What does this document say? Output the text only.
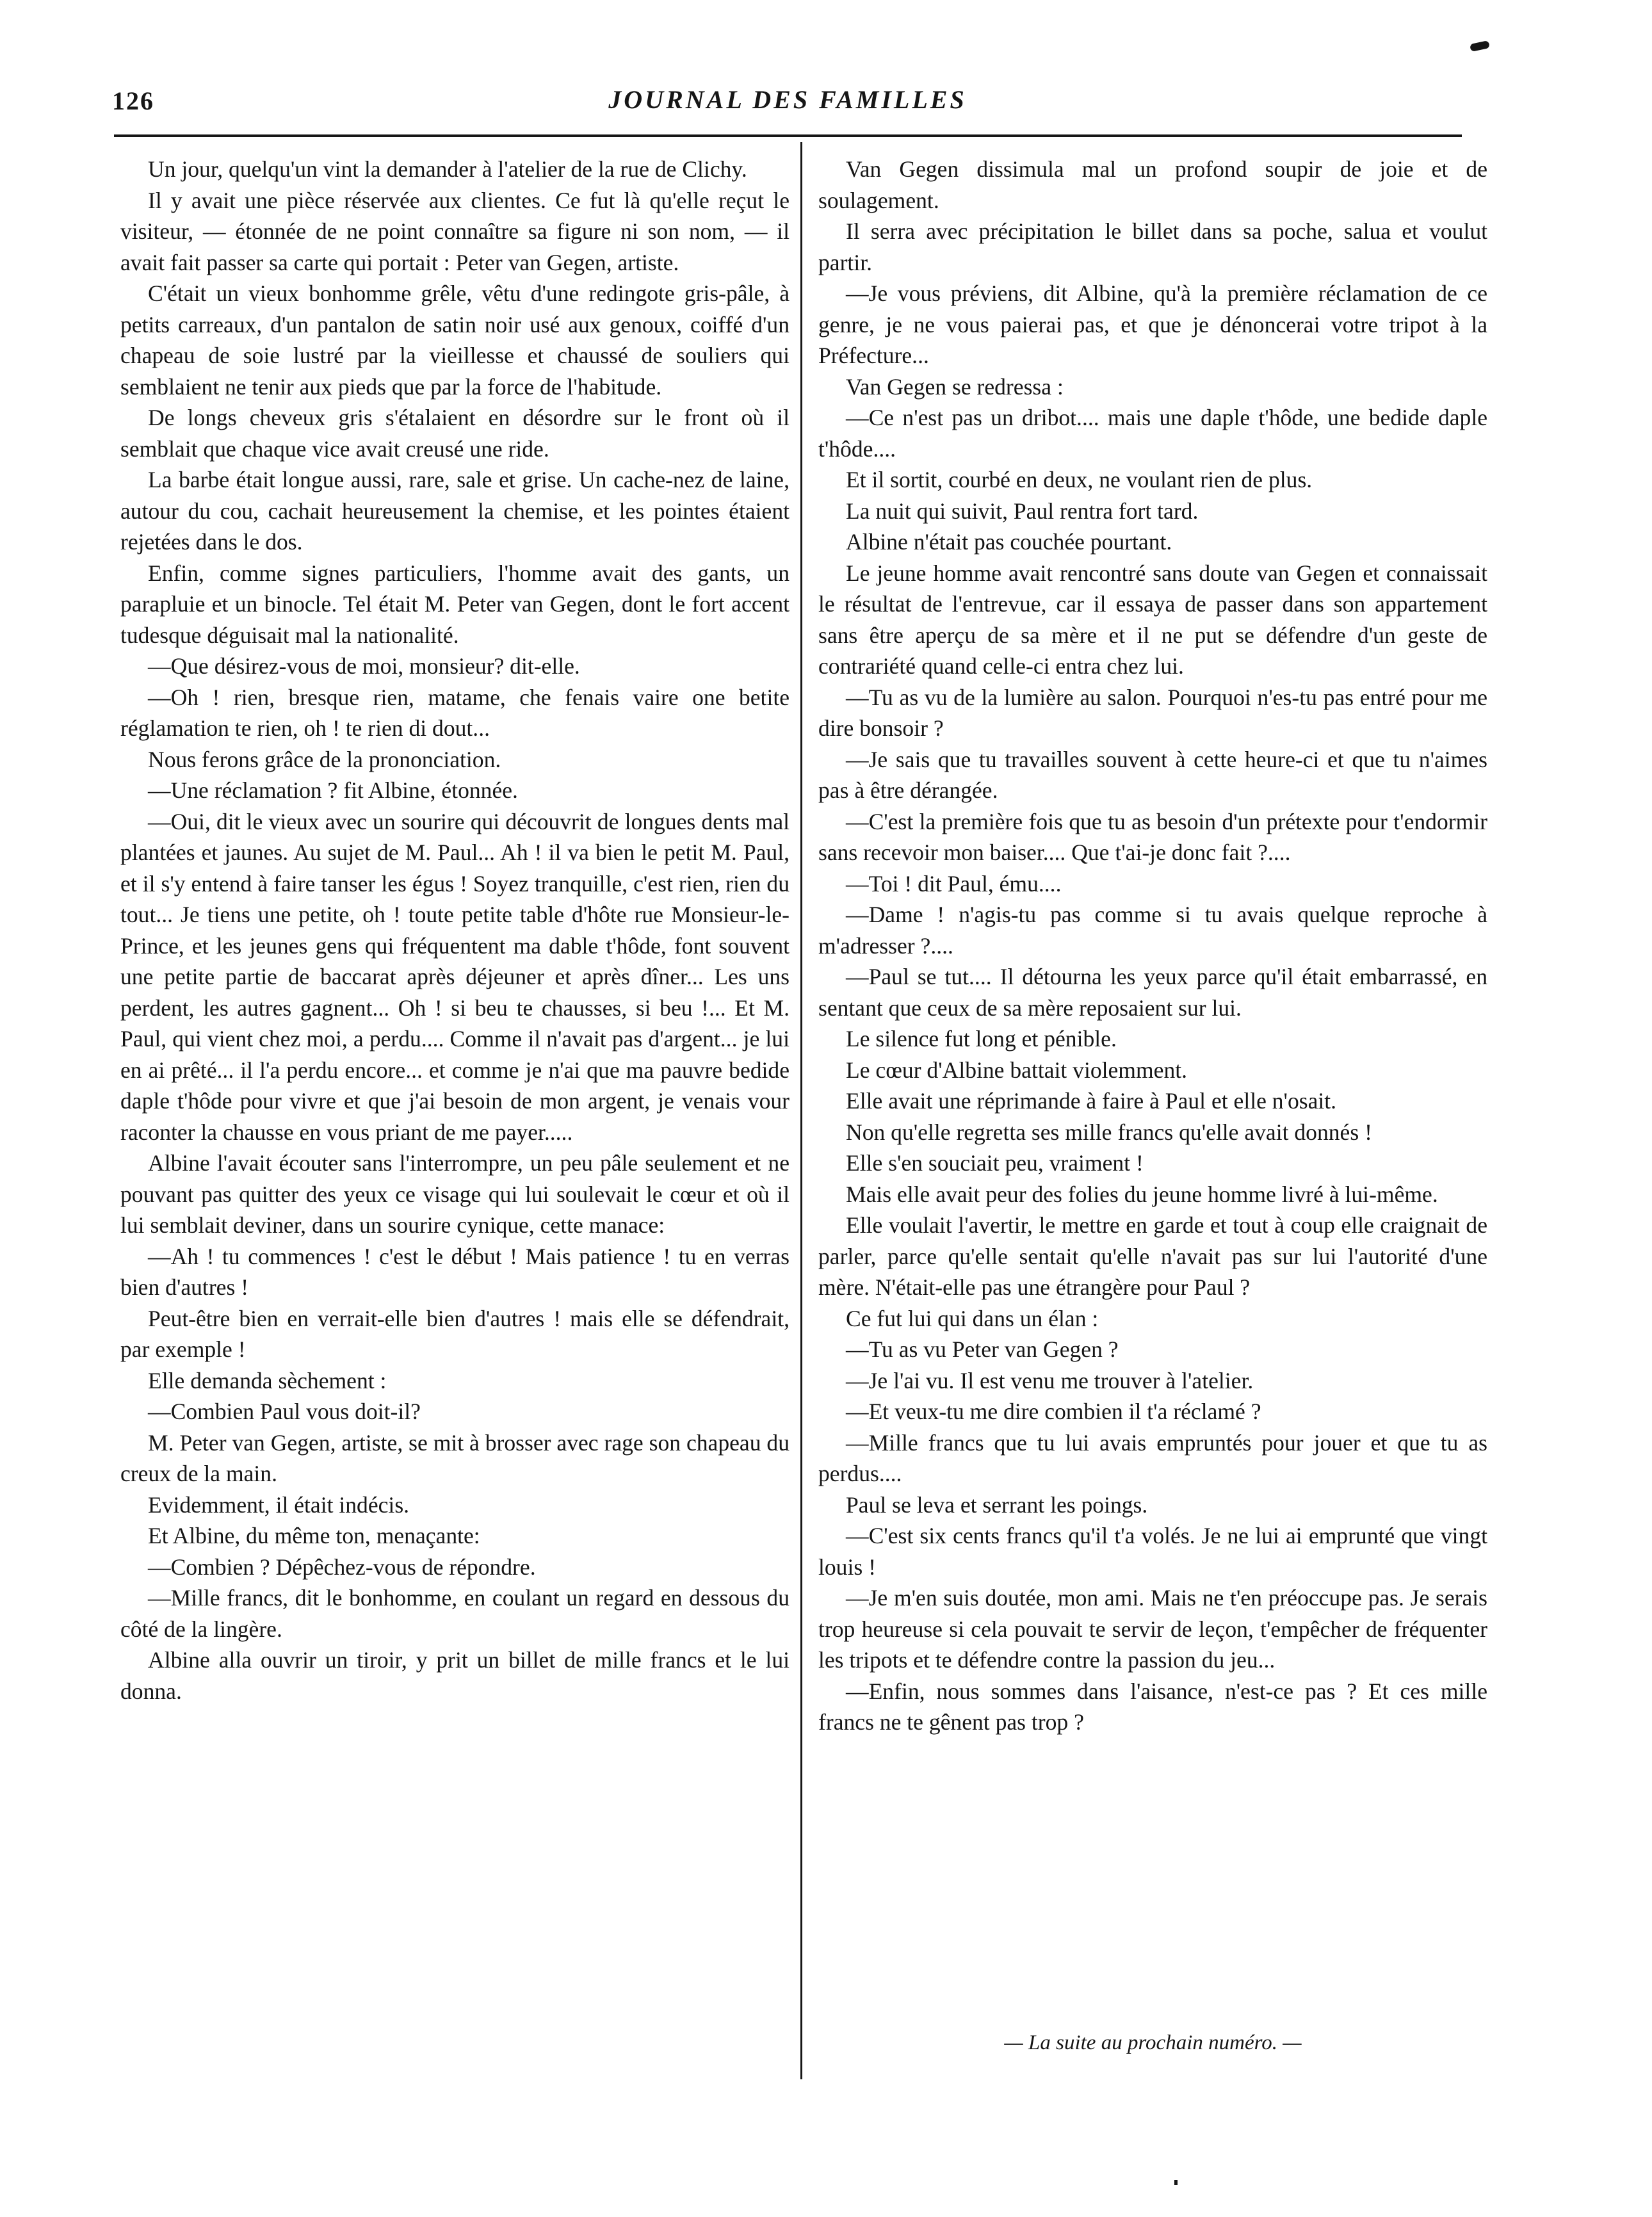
126	JOURNAL DES FAMILLES

Un jour, quelqu'un vint la demander à l'atelier de la rue de Clichy.

Il y avait une pièce réservée aux clientes. Ce fut là qu'elle reçut le visiteur, — étonnée de ne point connaître sa figure ni son nom, — il avait fait passer sa carte qui portait : Peter van Gegen, artiste.

C'était un vieux bonhomme grêle, vêtu d'une redingote gris-pâle, à petits carreaux, d'un pantalon de satin noir usé aux genoux, coiffé d'un chapeau de soie lustré par la vieillesse et chaussé de souliers qui semblaient ne tenir aux pieds que par la force de l'habitude.

De longs cheveux gris s'étalaient en désordre sur le front où il semblait que chaque vice avait creusé une ride.

La barbe était longue aussi, rare, sale et grise. Un cache-nez de laine, autour du cou, cachait heureusement la chemise, et les pointes étaient rejetées dans le dos.

Enfin, comme signes particuliers, l'homme avait des gants, un parapluie et un binocle. Tel était M. Peter van Gegen, dont le fort accent tudesque déguisait mal la nationalité.

—Que désirez-vous de moi, monsieur? dit-elle.

—Oh ! rien, bresque rien, matame, che fenais vaire one betite réglamation te rien, oh ! te rien di dout...

Nous ferons grâce de la prononciation.

—Une réclamation ? fit Albine, étonnée.

—Oui, dit le vieux avec un sourire qui découvrit de longues dents mal plantées et jaunes. Au sujet de M. Paul... Ah ! il va bien le petit M. Paul, et il s'y entend à faire tanser les égus ! Soyez tranquille, c'est rien, rien du tout... Je tiens une petite, oh ! toute petite table d'hôte rue Monsieur-le-Prince, et les jeunes gens qui fréquentent ma dable t'hôde, font souvent une petite partie de baccarat après déjeuner et après dîner... Les uns perdent, les autres gagnent... Oh ! si beu te chausses, si beu !... Et M. Paul, qui vient chez moi, a perdu.... Comme il n'avait pas d'argent... je lui en ai prêté... il l'a perdu encore... et comme je n'ai que ma pauvre bedide daple t'hôde pour vivre et que j'ai besoin de mon argent, je venais vour raconter la chausse en vous priant de me payer.....

Albine l'avait écouter sans l'interrompre, un peu pâle seulement et ne pouvant pas quitter des yeux ce visage qui lui soulevait le cœur et où il lui semblait deviner, dans un sourire cynique, cette manace:

—Ah ! tu commences ! c'est le début ! Mais patience ! tu en verras bien d'autres !

Peut-être bien en verrait-elle bien d'autres ! mais elle se défendrait, par exemple !

Elle demanda sèchement :

—Combien Paul vous doit-il?

M. Peter van Gegen, artiste, se mit à brosser avec rage son chapeau du creux de la main.

Evidemment, il était indécis.

Et Albine, du même ton, menaçante:

—Combien ? Dépêchez-vous de répondre.

—Mille francs, dit le bonhomme, en coulant un regard en dessous du côté de la lingère.

Albine alla ouvrir un tiroir, y prit un billet de mille francs et le lui donna.

Van Gegen dissimula mal un profond soupir de joie et de soulagement.

Il serra avec précipitation le billet dans sa poche, salua et voulut partir.

—Je vous préviens, dit Albine, qu'à la première réclamation de ce genre, je ne vous paierai pas, et que je dénoncerai votre tripot à la Préfecture...

Van Gegen se redressa :

—Ce n'est pas un dribot.... mais une daple t'hôde, une bedide daple t'hôde....

Et il sortit, courbé en deux, ne voulant rien de plus.

La nuit qui suivit, Paul rentra fort tard.

Albine n'était pas couchée pourtant.

Le jeune homme avait rencontré sans doute van Gegen et connaissait le résultat de l'entrevue, car il essaya de passer dans son appartement sans être aperçu de sa mère et il ne put se défendre d'un geste de contrariété quand celle-ci entra chez lui.

—Tu as vu de la lumière au salon. Pourquoi n'es-tu pas entré pour me dire bonsoir ?

—Je sais que tu travailles souvent à cette heure-ci et que tu n'aimes pas à être dérangée.

—C'est la première fois que tu as besoin d'un prétexte pour t'endormir sans recevoir mon baiser.... Que t'ai-je donc fait ?....

—Toi ! dit Paul, ému....

—Dame ! n'agis-tu pas comme si tu avais quelque reproche à m'adresser ?....

—Paul se tut.... Il détourna les yeux parce qu'il était embarrassé, en sentant que ceux de sa mère reposaient sur lui.

Le silence fut long et pénible.

Le cœur d'Albine battait violemment.

Elle avait une réprimande à faire à Paul et elle n'osait.

Non qu'elle regretta ses mille francs qu'elle avait donnés !

Elle s'en souciait peu, vraiment !

Mais elle avait peur des folies du jeune homme livré à lui-même.

Elle voulait l'avertir, le mettre en garde et tout à coup elle craignait de parler, parce qu'elle sentait qu'elle n'avait pas sur lui l'autorité d'une mère. N'était-elle pas une étrangère pour Paul ?

Ce fut lui qui dans un élan :

—Tu as vu Peter van Gegen ?

—Je l'ai vu. Il est venu me trouver à l'atelier.

—Et veux-tu me dire combien il t'a réclamé ?

—Mille francs que tu lui avais empruntés pour jouer et que tu as perdus....

Paul se leva et serrant les poings.

—C'est six cents francs qu'il t'a volés. Je ne lui ai emprunté que vingt louis !

—Je m'en suis doutée, mon ami. Mais ne t'en préoccupe pas. Je serais trop heureuse si cela pouvait te servir de leçon, t'empêcher de fréquenter les tripots et te défendre contre la passion du jeu...

—Enfin, nous sommes dans l'aisance, n'est-ce pas ? Et ces mille francs ne te gênent pas trop ?

— La suite au prochain numéro. —
